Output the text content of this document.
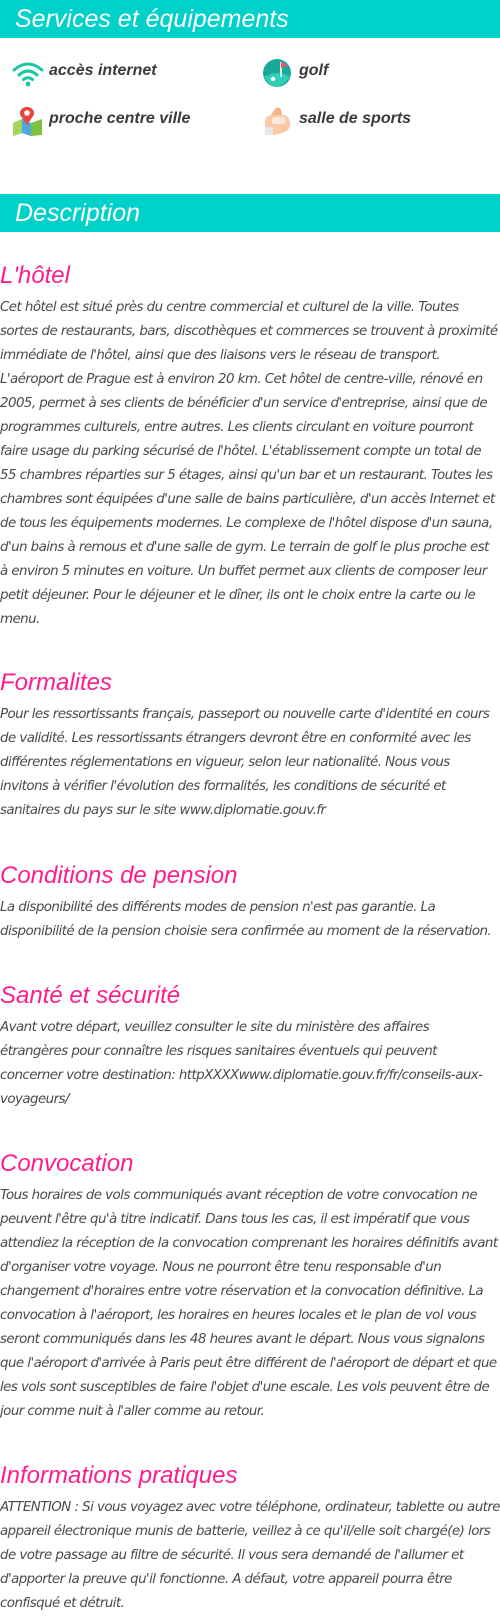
Services et équipements
accès internet	golf
proche centre ville	salle de sports
Description
L'hôtel

Cet hôtel est situé près du centre commercial et culturel de la ville. Toutes sortes de restaurants, bars, discothèques et commerces se trouvent à proximité immédiate de l'hôtel, ainsi que des liaisons vers le réseau de transport. L'aéroport de Prague est à environ 20 km. Cet hôtel de centre-ville, rénové en 2005, permet à ses clients de bénéficier d'un service d'entreprise, ainsi que de programmes culturels, entre autres. Les clients circulant en voiture pourront faire usage du parking sécurisé de l'hôtel. L'établissement compte un total de 55 chambres réparties sur 5 étages, ainsi qu'un bar et un restaurant. Toutes les chambres sont équipées d'une salle de bains particulière, d'un accès Internet et de tous les équipements modernes. Le complexe de l'hôtel dispose d'un sauna, d'un bains à remous et d'une salle de gym. Le terrain de golf le plus proche est à environ 5 minutes en voiture. Un buffet permet aux clients de composer leur petit déjeuner. Pour le déjeuner et le dîner, ils ont le choix entre la carte ou le menu.

Formalites

Pour les ressortissants français, passeport ou nouvelle carte d'identité en cours de validité. Les ressortissants étrangers devront être en conformité avec les différentes réglementations en vigueur, selon leur nationalité. Nous vous invitons à vérifier l'évolution des formalités, les conditions de sécurité et sanitaires du pays sur le site www.diplomatie.gouv.fr

Conditions de pension

La disponibilité des différents modes de pension n'est pas garantie. La disponibilité de la pension choisie sera confirmée au moment de la réservation.

Santé et sécurité

Avant votre départ, veuillez consulter le site du ministère des affaires étrangères pour connaître les risques sanitaires éventuels qui peuvent concerner votre destination: httpXXXXwww.diplomatie.gouv.fr/fr/conseils-aux-voyageurs/

Convocation

Tous horaires de vols communiqués avant réception de votre convocation ne peuvent l'être qu'à titre indicatif. Dans tous les cas, il est impératif que vous attendiez la réception de la convocation comprenant les horaires définitifs avant d'organiser votre voyage. Nous ne pourront être tenu responsable d'un changement d'horaires entre votre réservation et la convocation définitive. La convocation à l'aéroport, les horaires en heures locales et le plan de vol vous seront communiqués dans les 48 heures avant le départ. Nous vous signalons que l'aéroport d'arrivée à Paris peut être différent de l'aéroport de départ et que les vols sont susceptibles de faire l'objet d'une escale. Les vols peuvent être de jour comme nuit à l'aller comme au retour.

Informations pratiques

ATTENTION : Si vous voyagez avec votre téléphone, ordinateur, tablette ou autre appareil électronique munis de batterie, veillez à ce qu'il/elle soit chargé(e) lors de votre passage au filtre de sécurité. Il vous sera demandé de l'allumer et d'apporter la preuve qu'il fonctionne. A défaut, votre appareil pourra être confisqué et détruit.
